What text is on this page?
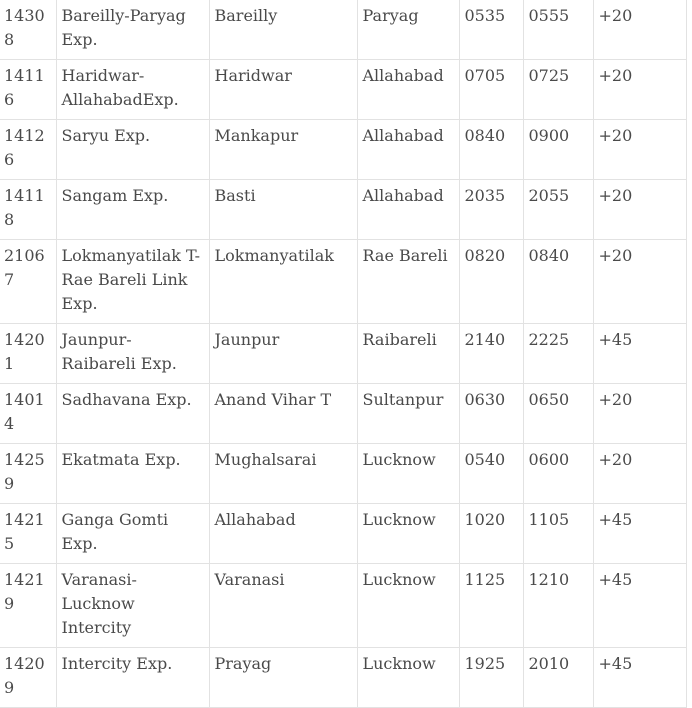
14308	Bareilly-Paryag Exp.	Bareilly	Paryag	0535	0555	+20
14116	Haridwar-AllahabadExp.	Haridwar	Allahabad	0705	0725	+20
14126	Saryu Exp.	Mankapur	Allahabad	0840	0900	+20
14118	Sangam Exp.	Basti	Allahabad	2035	2055	+20
21067	Lokmanyatilak T-Rae Bareli Link Exp.	Lokmanyatilak	Rae Bareli	0820	0840	+20
14201	Jaunpur-Raibareli Exp.	Jaunpur	Raibareli	2140	2225	+45
14014	Sadhavana Exp.	Anand Vihar T	Sultanpur	0630	0650	+20
14259	Ekatmata Exp.	Mughalsarai	Lucknow	0540	0600	+20
14215	Ganga Gomti Exp.	Allahabad	Lucknow	1020	1105	+45
14219	Varanasi-Lucknow Intercity	Varanasi	Lucknow	1125	1210	+45
14209	Intercity Exp.	Prayag	Lucknow	1925	2010	+45
